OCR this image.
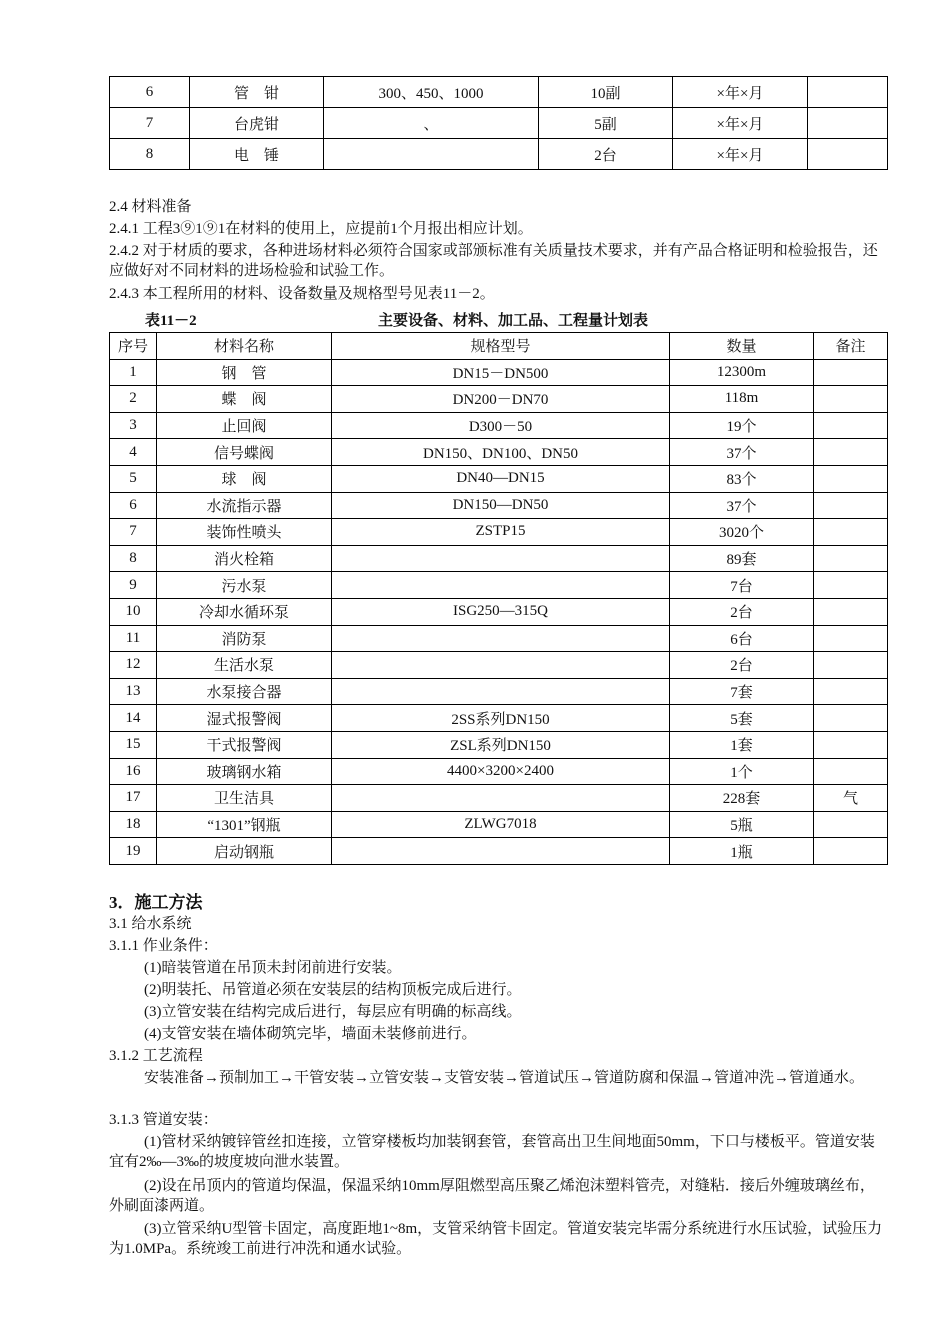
6	管　钳	300、450、1000	10副	×年×月	
7	台虎钳	、	5副	×年×月	
8	电　锤		2台	×年×月	
2.4 材料准备
2.4.1 工程3⑨1⑨1在材料的使用上，应提前1个月报出相应计划。
2.4.2 对于材质的要求，各种进场材料必须符合国家或部颁标准有关质量技术要求，并有产品合格证明和检验报告，还应做好对不同材料的进场检验和试验工作。
2.4.3 本工程所用的材料、设备数量及规格型号见表11－2。
表11－2	主要设备、材料、加工品、工程量计划表
序号	材料名称	规格型号	数量	备注
1	钢　管	DN15－DN500	12300m	
2	蝶　阀	DN200－DN70	118m	
3	止回阀	D300－50	19个	
4	信号蝶阀	DN150、DN100、DN50	37个	
5	球　阀	DN40—DN15	83个	
6	水流指示器	DN150—DN50	37个	
7	装饰性喷头	ZSTP15	3020个	
8	消火栓箱		89套	
9	污水泵		7台	
10	冷却水循环泵	ISG250—315Q	2台	
11	消防泵		6台	
12	生活水泵		2台	
13	水泵接合器		7套	
14	湿式报警阀	2SS系列DN150	5套	
15	干式报警阀	ZSL系列DN150	1套	
16	玻璃钢水箱	4400×3200×2400	1个	
17	卫生洁具		228套	气
18	“1301”钢瓶	ZLWG7018	5瓶	
19	启动钢瓶		1瓶	
3．施工方法
3.1 给水系统
3.1.1 作业条件：
(1)暗装管道在吊顶未封闭前进行安装。
(2)明装托、吊管道必须在安装层的结构顶板完成后进行。
(3)立管安装在结构完成后进行，每层应有明确的标高线。
(4)支管安装在墙体砌筑完毕，墙面未装修前进行。
3.1.2 工艺流程
安装准备→预制加工→干管安装→立管安装→支管安装→管道试压→管道防腐和保温→管道冲洗→管道通水。
3.1.3 管道安装：
(1)管材采纳镀锌管丝扣连接，立管穿楼板均加装钢套管，套管高出卫生间地面50mm，下口与楼板平。管道安装宜有2‰—3‰的坡度坡向泄水装置。
(2)设在吊顶内的管道均保温，保温采纳10mm厚阻燃型高压聚乙烯泡沫塑料管壳，对缝粘．接后外缠玻璃丝布，外刷面漆两道。
(3)立管采纳U型管卡固定，高度距地1~8m，支管采纳管卡固定。管道安装完毕需分系统进行水压试验，试验压力为1.0MPa。系统竣工前进行冲洗和通水试验。
